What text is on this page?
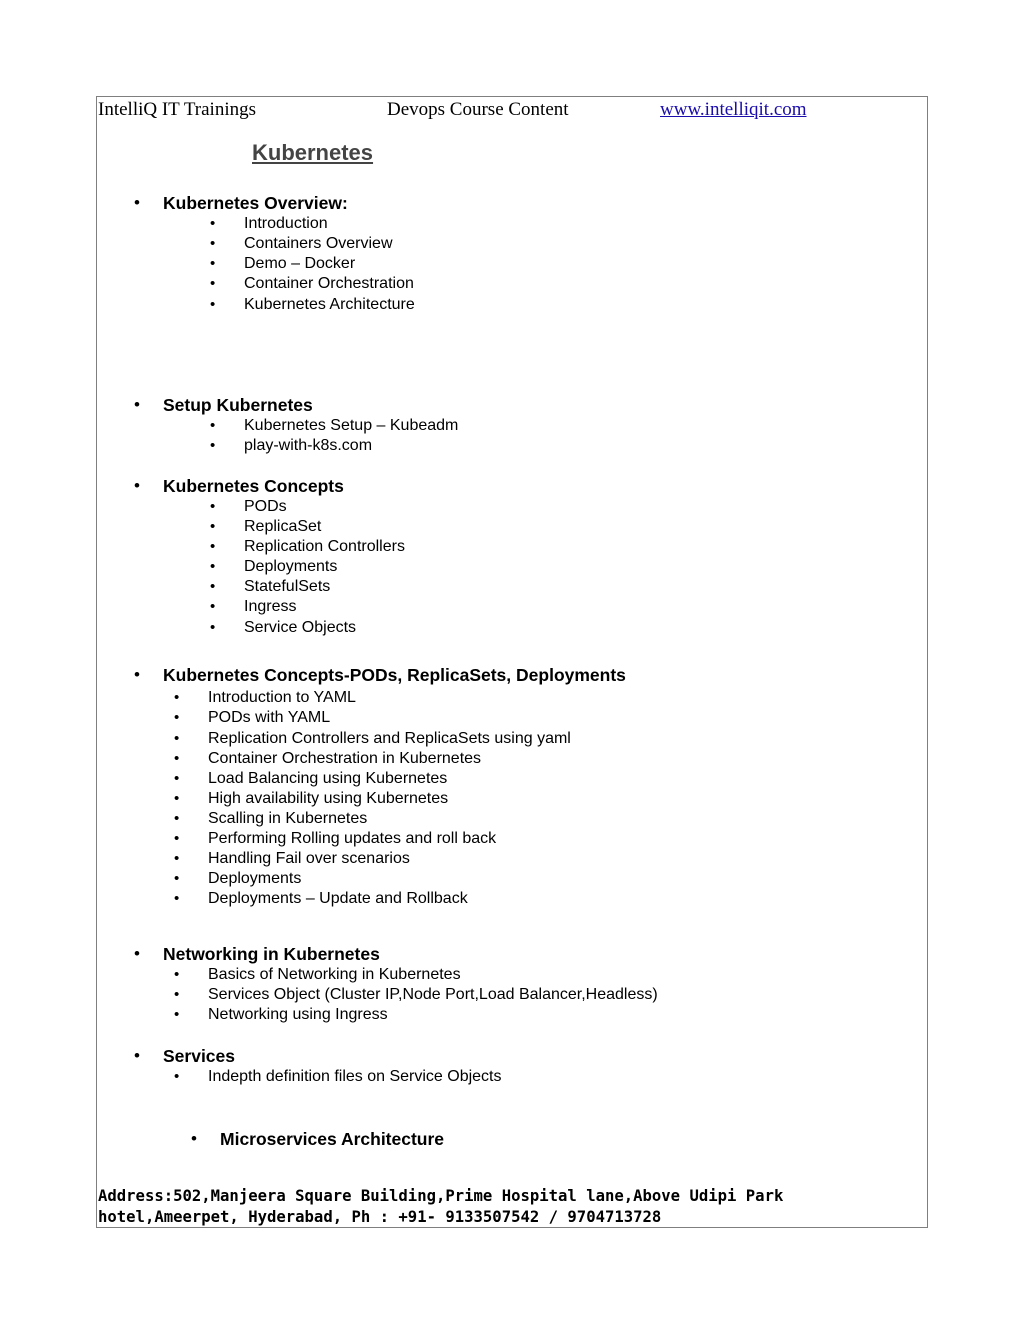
IntelliQ IT Trainings	Devops Course Content	www.intelliqit.com
Kubernetes
• Kubernetes Overview:
• Introduction
• Containers Overview
• Demo – Docker
• Container Orchestration
• Kubernetes Architecture
• Setup Kubernetes
• Kubernetes Setup – Kubeadm
• play-with-k8s.com
• Kubernetes Concepts
• PODs
• ReplicaSet
• Replication Controllers
• Deployments
• StatefulSets
• Ingress
• Service Objects
• Kubernetes Concepts-PODs, ReplicaSets, Deployments
• Introduction to YAML
• PODs with YAML
• Replication Controllers and ReplicaSets using yaml
• Container Orchestration in Kubernetes
• Load Balancing using Kubernetes
• High availability using Kubernetes
• Scalling in Kubernetes
• Performing Rolling updates and roll back
• Handling Fail over scenarios
• Deployments
• Deployments – Update and Rollback
• Networking in Kubernetes
• Basics of Networking in Kubernetes
• Services Object (Cluster IP,Node Port,Load Balancer,Headless)
• Networking using Ingress
• Services
• Indepth definition files on Service Objects
• Microservices Architecture
Address:502,Manjeera Square Building,Prime Hospital lane,Above Udipi Park
hotel,Ameerpet, Hyderabad, Ph : +91- 9133507542 / 9704713728
